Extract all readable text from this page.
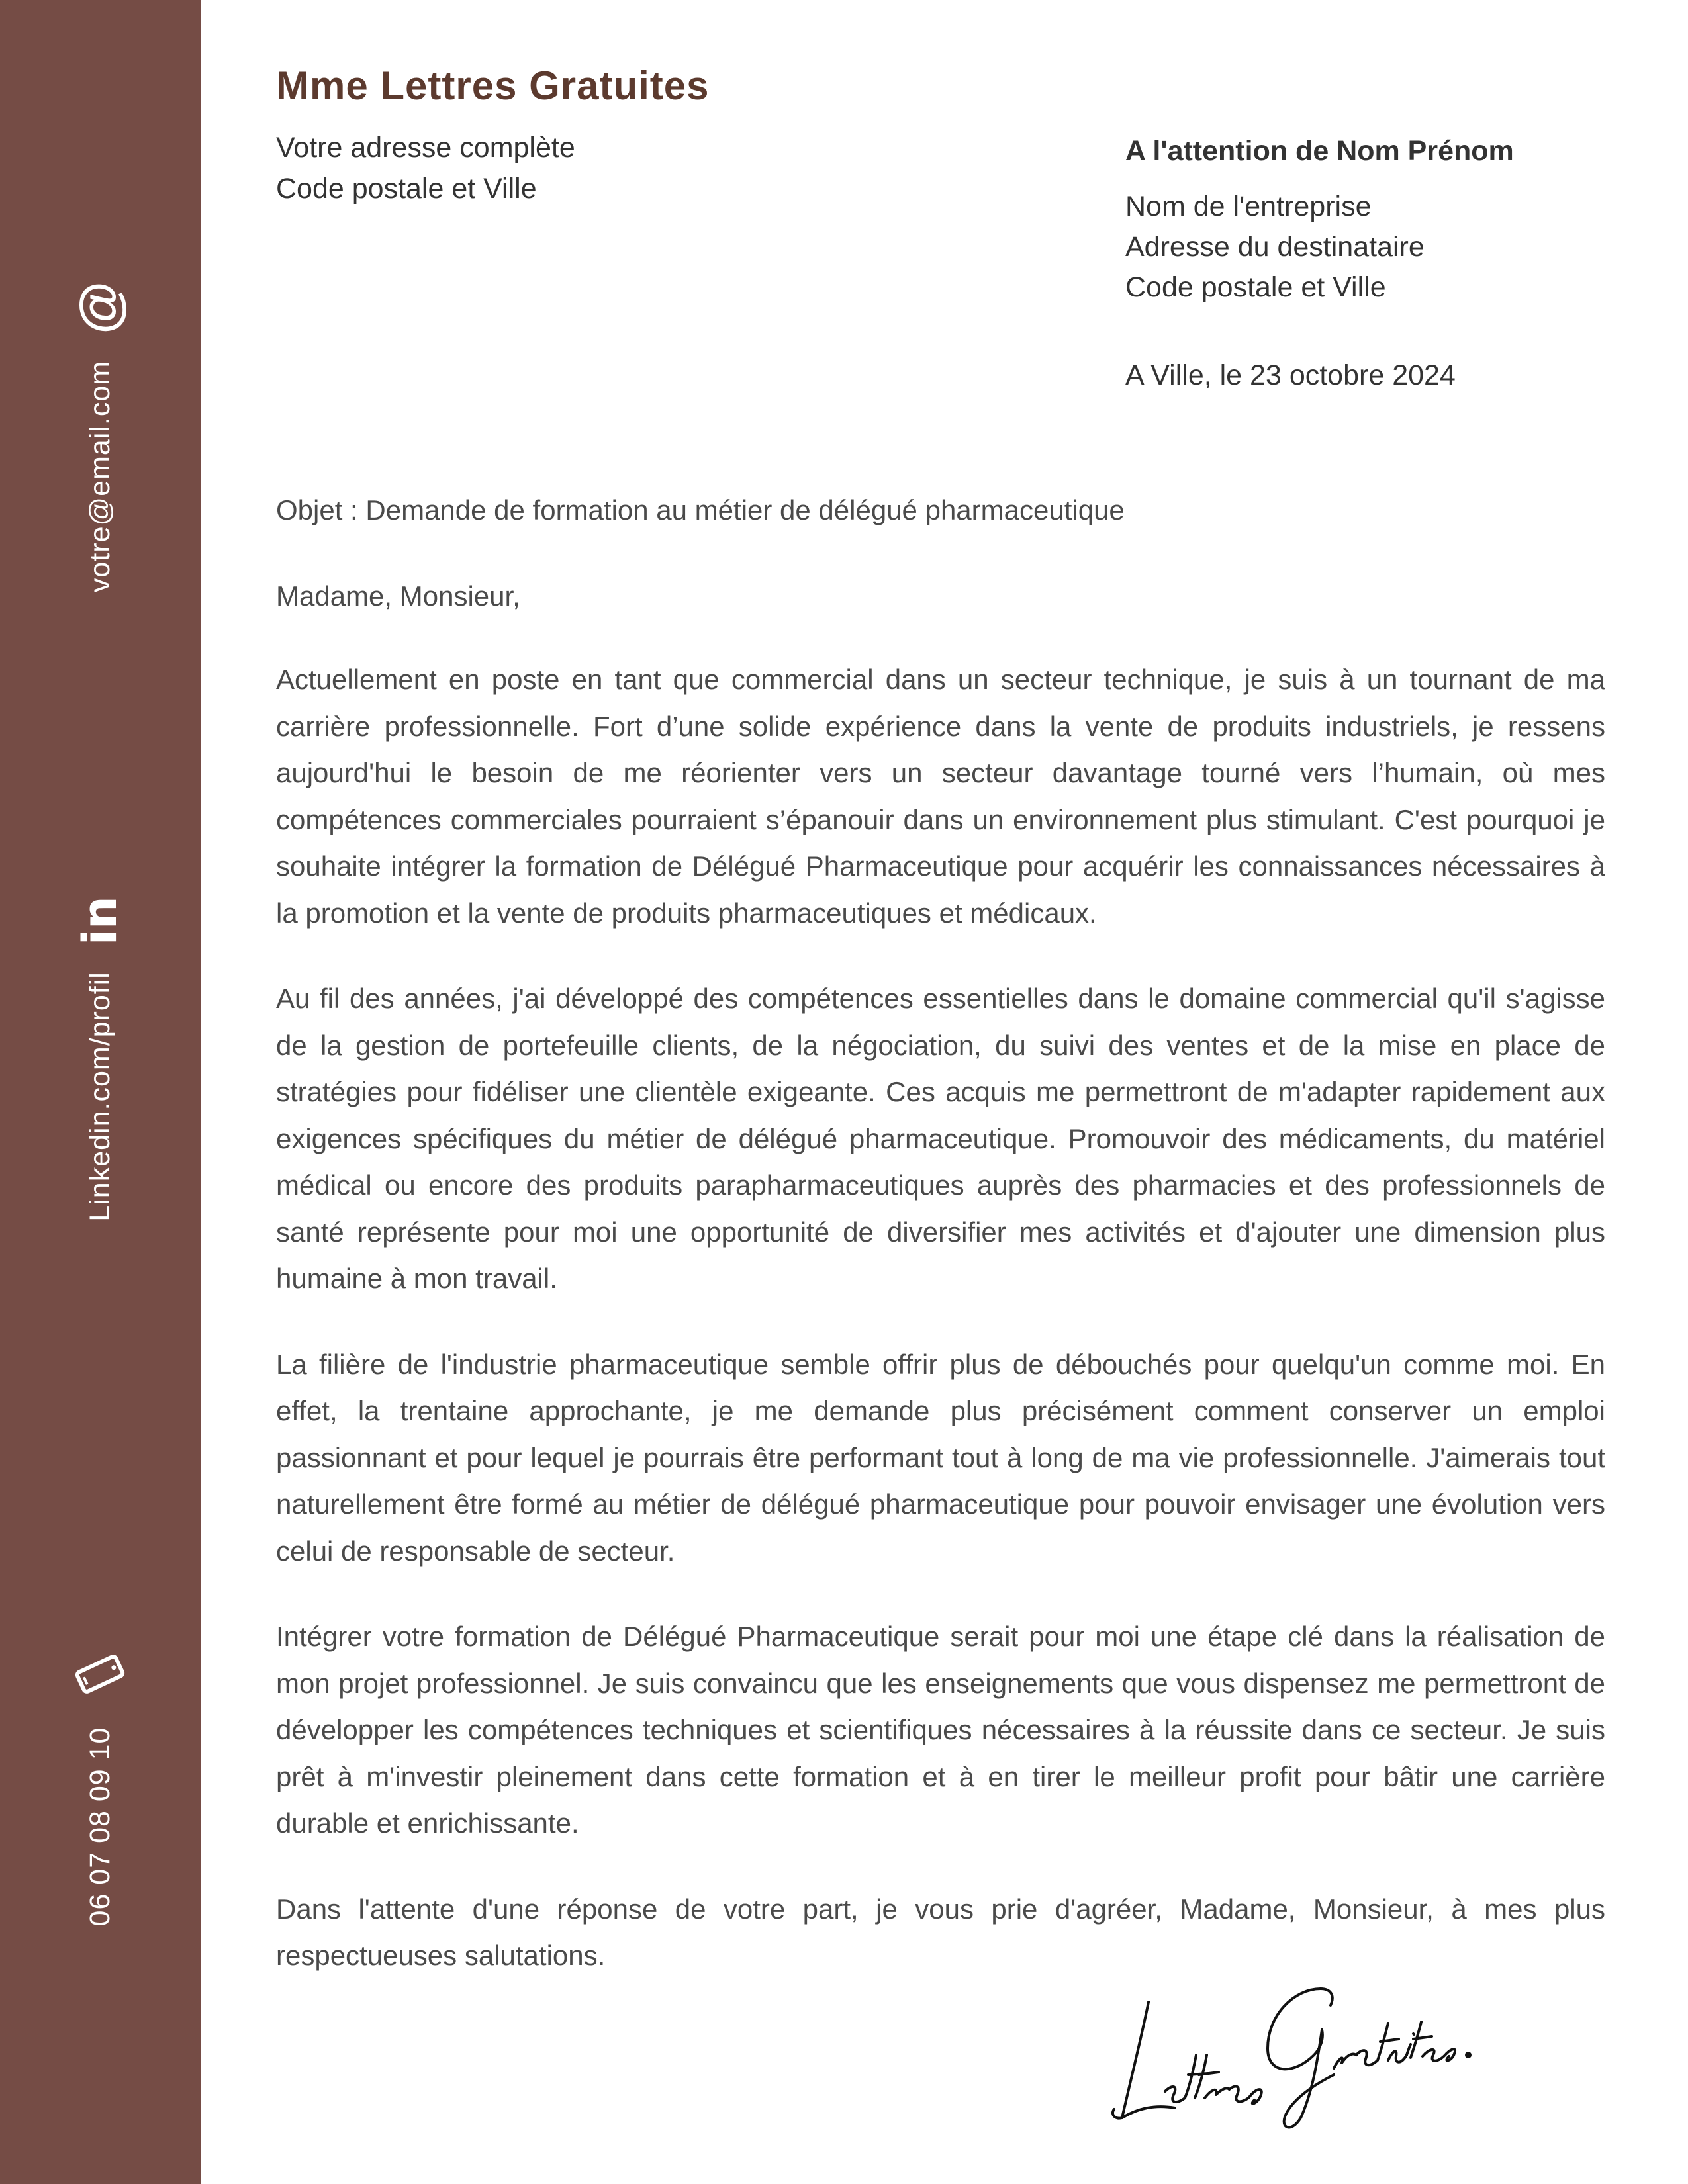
votre@email.com
@
Linkedin.com/profil
in
06 07 08 09 10
Mme Lettres Gratuites
Votre adresse complète
Code postale et Ville
A l'attention de Nom Prénom
Nom de l'entreprise
Adresse du destinataire
Code postale et Ville
A Ville, le 23 octobre 2024
Objet : Demande de formation au métier de délégué pharmaceutique
Madame, Monsieur,

Actuellement en poste en tant que commercial dans un secteur technique, je suis à un tournant de ma carrière professionnelle. Fort d’une solide expérience dans la vente de produits industriels, je ressens aujourd'hui le besoin de me réorienter vers un secteur davantage tourné vers l’humain, où mes compétences commerciales pourraient s’épanouir dans un environnement plus stimulant. C'est pourquoi je souhaite intégrer la formation de Délégué Pharmaceutique pour acquérir les connaissances nécessaires à la promotion et la vente de produits pharmaceutiques et médicaux.

Au fil des années, j'ai développé des compétences essentielles dans le domaine commercial qu'il s'agisse de la gestion de portefeuille clients, de la négociation, du suivi des ventes et de la mise en place de stratégies pour fidéliser une clientèle exigeante. Ces acquis me permettront de m'adapter rapidement aux exigences spécifiques du métier de délégué pharmaceutique. Promouvoir des médicaments, du matériel médical ou encore des produits parapharmaceutiques auprès des pharmacies et des professionnels de santé représente pour moi une opportunité de diversifier mes activités et d'ajouter une dimension plus humaine à mon travail.

La filière de l'industrie pharmaceutique semble offrir plus de débouchés pour quelqu'un comme moi. En effet, la trentaine approchante, je me demande plus précisément comment conserver un emploi passionnant et pour lequel je pourrais être performant tout à long de ma vie professionnelle. J'aimerais tout naturellement être formé au métier de délégué pharmaceutique pour pouvoir envisager une évolution vers celui de responsable de secteur.

Intégrer votre formation de Délégué Pharmaceutique serait pour moi une étape clé dans la réalisation de mon projet professionnel. Je suis convaincu que les enseignements que vous dispensez me permettront de développer les compétences techniques et scientifiques nécessaires à la réussite dans ce secteur. Je suis prêt à m'investir pleinement dans cette formation et à en tirer le meilleur profit pour bâtir une carrière durable et enrichissante.

Dans l'attente d'une réponse de votre part, je vous prie d'agréer, Madame, Monsieur, à mes plus respectueuses salutations.
